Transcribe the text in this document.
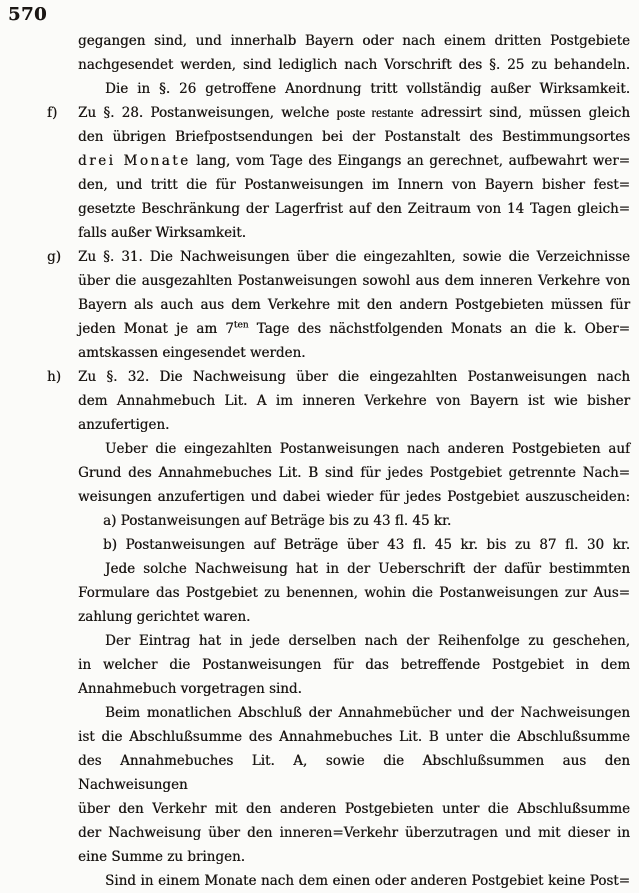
570
gegangen sind, und innerhalb Bayern oder nach einem dritten Postgebiete
nachgesendet werden, sind lediglich nach Vorschrift des §. 25 zu behandeln.
Die in §. 26 getroffene Anordnung tritt vollständig außer Wirksamkeit.
f) Zu §. 28. Postanweisungen, welche poste restante adressirt sind, müssen gleich
den übrigen Briefpostsendungen bei der Postanstalt des Bestimmungsortes
drei Monate lang, vom Tage des Eingangs an gerechnet, aufbewahrt wer=
den, und tritt die für Postanweisungen im Innern von Bayern bisher fest=
gesetzte Beschränkung der Lagerfrist auf den Zeitraum von 14 Tagen gleich=
falls außer Wirksamkeit.
g) Zu §. 31. Die Nachweisungen über die eingezahlten, sowie die Verzeichnisse
über die ausgezahlten Postanweisungen sowohl aus dem inneren Verkehre von
Bayern als auch aus dem Verkehre mit den andern Postgebieten müssen für
jeden Monat je am $7^{ten}$ Tage des nächstfolgenden Monats an die k. Ober=
amtskassen eingesendet werden.
h) Zu §. 32. Die Nachweisung über die eingezahlten Postanweisungen nach
dem Annahmebuch Lit. A im inneren Verkehre von Bayern ist wie bisher
anzufertigen.
Ueber die eingezahlten Postanweisungen nach anderen Postgebieten auf
Grund des Annahmebuches Lit. B sind für jedes Postgebiet getrennte Nach=
weisungen anzufertigen und dabei wieder für jedes Postgebiet auszuscheiden:
a) Postanweisungen auf Beträge bis zu 43 fl. 45 kr.
b) Postanweisungen auf Beträge über 43 fl. 45 kr. bis zu 87 fl. 30 kr.
Jede solche Nachweisung hat in der Ueberschrift der dafür bestimmten
Formulare das Postgebiet zu benennen, wohin die Postanweisungen zur Aus=
zahlung gerichtet waren.
Der Eintrag hat in jede derselben nach der Reihenfolge zu geschehen,
in welcher die Postanweisungen für das betreffende Postgebiet in dem
Annahmebuch vorgetragen sind.
Beim monatlichen Abschluß der Annahmebücher und der Nachweisungen
ist die Abschlußsumme des Annahmebuches Lit. B unter die Abschlußsumme
des Annahmebuches Lit. A, sowie die Abschlußsummen aus den Nachweisungen
über den Verkehr mit den anderen Postgebieten unter die Abschlußsumme
der Nachweisung über den inneren=Verkehr überzutragen und mit dieser in
eine Summe zu bringen.
Sind in einem Monate nach dem einen oder anderen Postgebiet keine Post=
